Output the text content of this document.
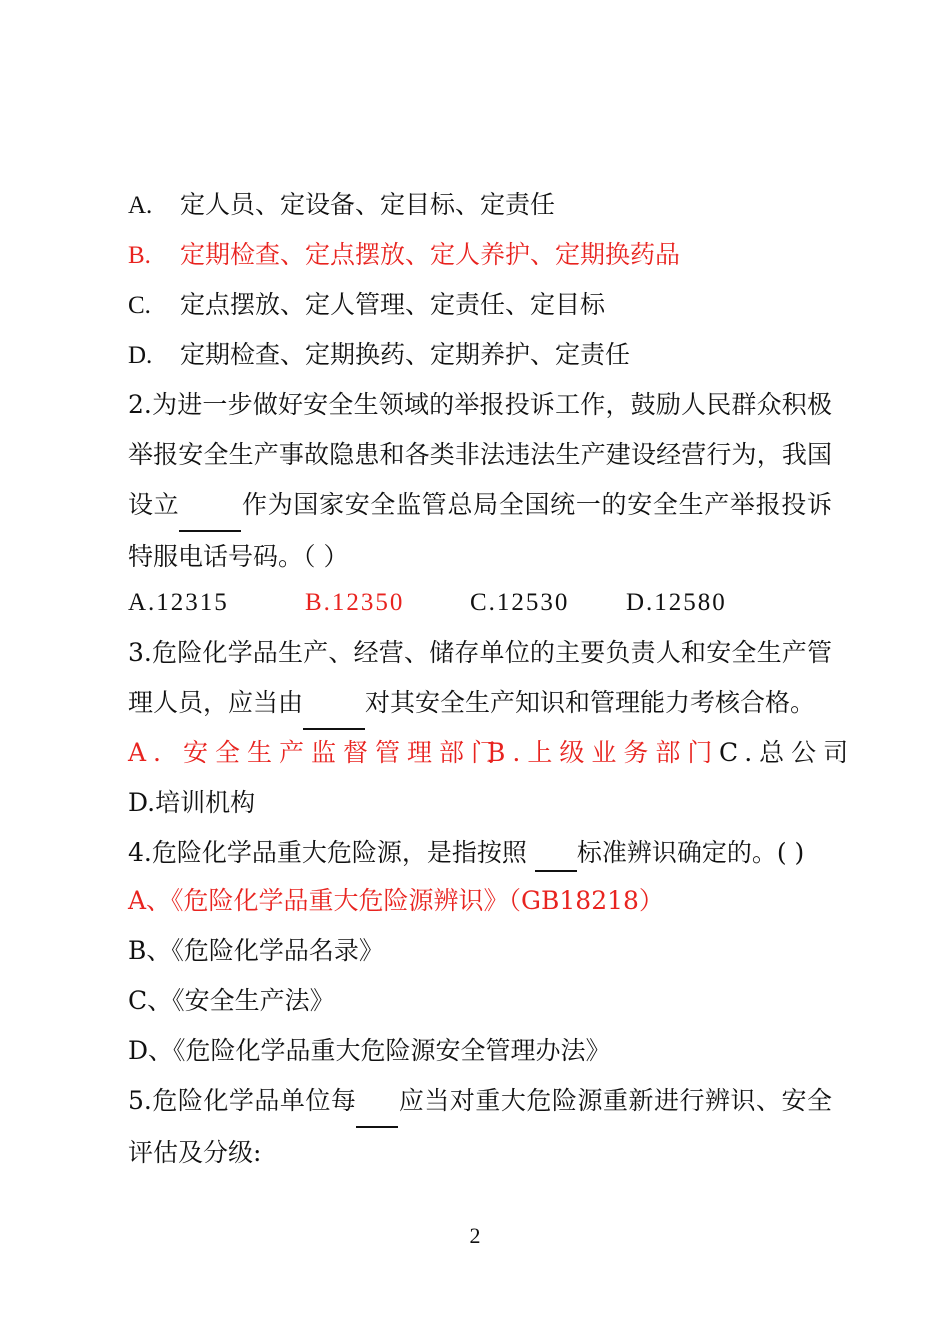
A. 定人员、定设备、定目标、定责任
B. 定期检查、定点摆放、定人养护、定期换药品
C. 定点摆放、定人管理、定责任、定目标
D. 定期检查、定期换药、定期养护、定责任
2.为进一步做好安全生领域的举报投诉工作，鼓励人民群众积极举报安全生产事故隐患和各类非法违法生产建设经营行为，我国设立 作为国家安全监管总局全国统一的安全生产举报投诉特服电话号码。（ ）
A.12315	B.12350	C.12530 D.12580
3.危险化学品生产、经营、储存单位的主要负责人和安全生产管理人员，应当由 对其安全生产知识和管理能力考核合格。
A. 安全生产监督管理部门
B.上级业务部门 C.总公司
D.培训机构
4.危险化学品重大危险源，是指按照  标准辨识确定的。( )
A、《危险化学品重大危险源辨识》（GB18218）
B、《危险化学品名录》
C、《安全生产法》
D、《危险化学品重大危险源安全管理办法》
5.危险化学品单位每 应当对重大危险源重新进行辨识、安全评估及分级:
2
